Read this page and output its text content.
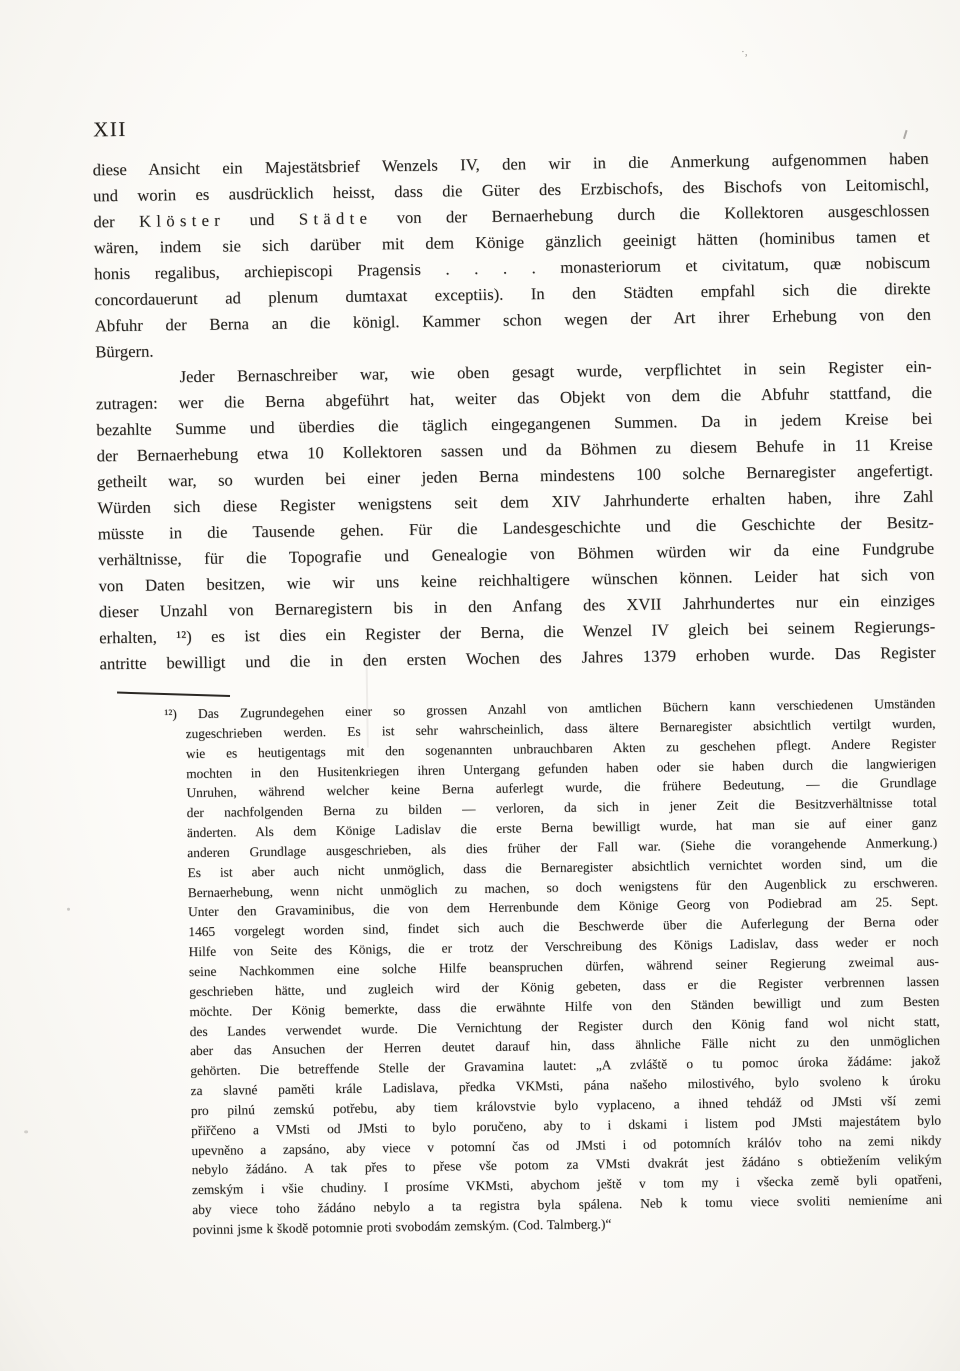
XII
diese Ansicht ein Majestätsbrief Wenzels IV, den wir in die Anmerkung aufgenommen haben
und worin es ausdrücklich heisst, dass die Güter des Erzbischofs, des Bischofs von Leitomischl,
der Klöster und Städte von der Bernaerhebung durch die Kollektoren ausgeschlossen
wären, indem sie sich darüber mit dem Könige gänzlich geeinigt hätten (hominibus tamen et
honis regalibus, archiepiscopi Pragensis . . . . monasteriorum et civitatum, quæ nobiscum
concordauerunt ad plenum dumtaxat exceptiis). In den Städten empfahl sich die direkte
Abfuhr der Berna an die königl. Kammer schon wegen der Art ihrer Erhebung von den
Bürgern.
Jeder Bernaschreiber war, wie oben gesagt wurde, verpflichtet in sein Register ein-
zutragen: wer die Berna abgeführt hat, weiter das Objekt von dem die Abfuhr stattfand, die
bezahlte Summe und überdies die täglich eingegangenen Summen. Da in jedem Kreise bei
der Bernaerhebung etwa 10 Kollektoren sassen und da Böhmen zu diesem Behufe in 11 Kreise
getheilt war, so wurden bei einer jeden Berna mindestens 100 solche Bernaregister angefertigt.
Würden sich diese Register wenigstens seit dem XIV Jahrhunderte erhalten haben, ihre Zahl
müsste in die Tausende gehen. Für die Landesgeschichte und die Geschichte der Besitz-
verhältnisse, für die Topografie und Genealogie von Böhmen würden wir da eine Fundgrube
von Daten besitzen, wie wir uns keine reichhaltigere wünschen können. Leider hat sich von
dieser Unzahl von Bernaregistern bis in den Anfang des XVII Jahrhundertes nur ein einziges
erhalten, ¹²) es ist dies ein Register der Berna, die Wenzel IV gleich bei seinem Regierungs-
antritte bewilligt und die in den ersten Wochen des Jahres 1379 erhoben wurde. Das Register
¹²) Das Zugrundegehen einer so grossen Anzahl von amtlichen Büchern kann verschiedenen Umständen
zugeschrieben werden. Es ist sehr wahrscheinlich, dass ältere Bernaregister absichtlich vertilgt wurden,
wie es heutigentags mit den sogenannten unbrauchbaren Akten zu geschehen pflegt. Andere Register
mochten in den Husitenkriegen ihren Untergang gefunden haben oder sie haben durch die langwierigen
Unruhen, während welcher keine Berna auferlegt wurde, die frühere Bedeutung, — die Grundlage
der nachfolgenden Berna zu bilden — verloren, da sich in jener Zeit die Besitzverhältnisse total
änderten. Als dem Könige Ladislav die erste Berna bewilligt wurde, hat man sie auf einer ganz
anderen Grundlage ausgeschrieben, als dies früher der Fall war. (Siehe die vorangehende Anmerkung.)
Es ist aber auch nicht unmöglich, dass die Bernaregister absichtlich vernichtet worden sind, um die
Bernaerhebung, wenn nicht unmöglich zu machen, so doch wenigstens für den Augenblick zu erschweren.
Unter den Gravaminibus, die von dem Herrenbunde dem Könige Georg von Podiebrad am 25. Sept.
1465 vorgelegt worden sind, findet sich auch die Beschwerde über die Auferlegung der Berna oder
Hilfe von Seite des Königs, die er trotz der Verschreibung des Königs Ladislav, dass weder er noch
seine Nachkommen eine solche Hilfe beanspruchen dürfen, während seiner Regierung zweimal aus-
geschrieben hätte, und zugleich wird der König gebeten, dass er die Register verbrennen lassen
möchte. Der König bemerkte, dass die erwähnte Hilfe von den Ständen bewilligt und zum Besten
des Landes verwendet wurde. Die Vernichtung der Register durch den König fand wol nicht statt,
aber das Ansuchen der Herren deutet darauf hin, dass ähnliche Fälle nicht zu den unmöglichen
gehörten. Die betreffende Stelle der Gravamina lautet: „A zvláště o tu pomoc úroka žádáme: jakož
za slavné paměti krále Ladislava, předka VKMsti, pána našeho milostivého, bylo svoleno k úroku
pro pilnú zemskú potřebu, aby tiem královstvie bylo vyplaceno, a ihned tehdáž od JMsti vší zemi
přiřčeno a VMsti od JMsti to bylo poručeno, aby to i dskami i listem pod JMsti majestátem bylo
upevněno a zapsáno, aby viece v potomní čas od JMsti i od potomních králóv toho na zemi nikdy
nebylo žádáno. A tak přes to přese vše potom za VMsti dvakrát jest žádáno s obtiežením velikým
zemským i všie chudiny. I prosíme VKMsti, abychom ještě v tom my i všecka země byli opatřeni,
aby viece toho žádáno nebylo a ta registra byla spálena. Neb k tomu viece svoliti nemieníme ani
povinni jsme k škodě potomnie proti svobodám zemským. (Cod. Talmberg.)“
·,
